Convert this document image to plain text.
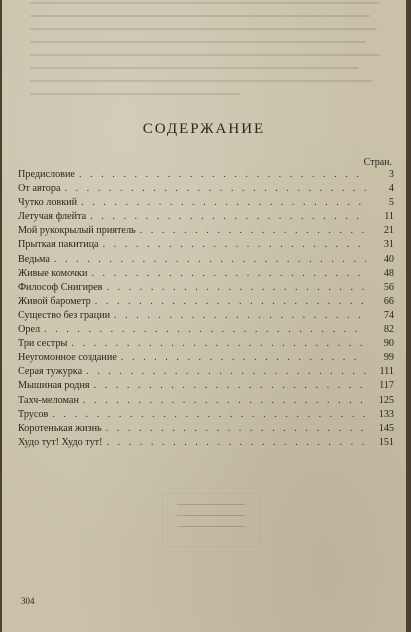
СОДЕРЖАНИЕ
Стран.
Предисловие . . .	3
От автора . . .	4
Чутко ловкий . . .	5
Летучая флейта . . .	11
Мой рукокрылый приятель . . .	21
Прыткая пакитица . . .	31
Ведьма . . .	40
Живые комочки . . .	48
Философ Снигирев . . .	56
Живой барометр . . .	66
Существо без грации . . .	74
Орел . . .	82
Три сестры . . .	90
Неугомонное создание . . .	99
Серая тужурка . . .	111
Мышиная родня . . .	117
Тахч-меломан . . .	125
Трусов . . .	133
Коротенькая жизнь . . .	145
Худо тут! Худо тут! . . .	151
304
